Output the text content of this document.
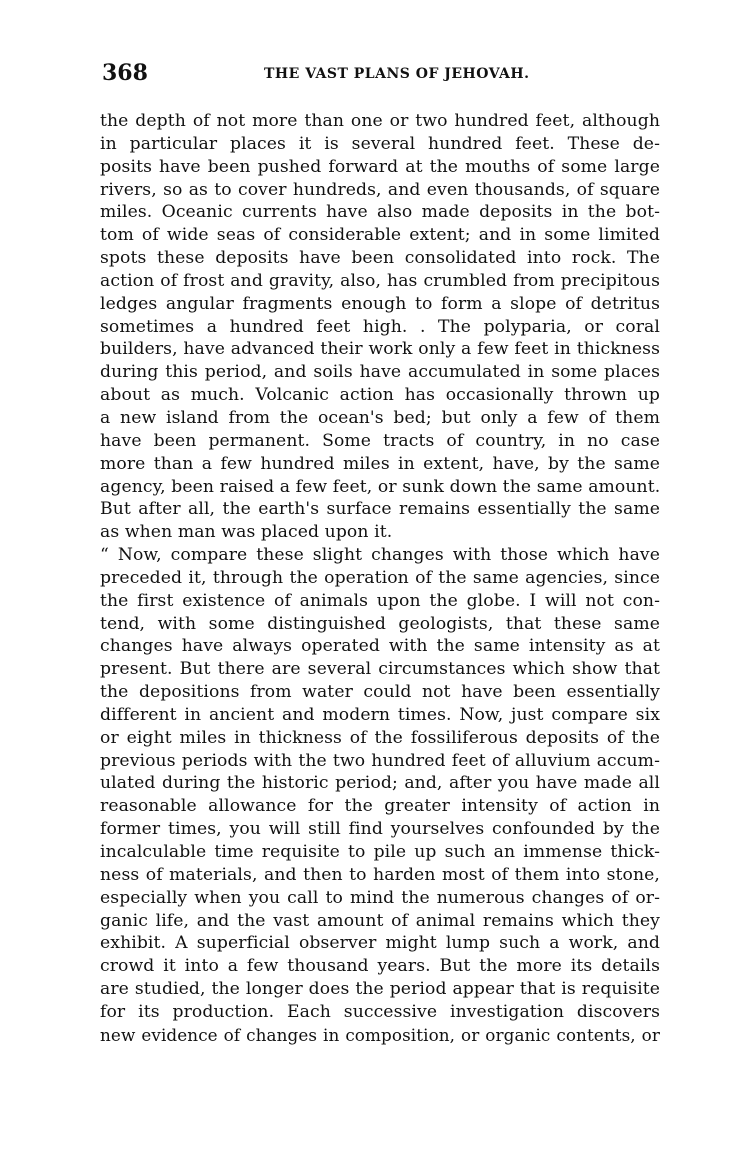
368	THE VAST PLANS OF JEHOVAH.
the depth of not more than one or two hundred feet, although
in particular places it is several hundred feet. These de-
posits have been pushed forward at the mouths of some large
rivers, so as to cover hundreds, and even thousands, of square
miles. Oceanic currents have also made deposits in the bot-
tom of wide seas of considerable extent; and in some limited
spots these deposits have been consolidated into rock. The
action of frost and gravity, also, has crumbled from precipitous
ledges angular fragments enough to form a slope of detritus
sometimes a hundred feet high. . The polyparia, or coral
builders, have advanced their work only a few feet in thickness
during this period, and soils have accumulated in some places
about as much. Volcanic action has occasionally thrown up
a new island from the ocean's bed; but only a few of them
have been permanent. Some tracts of country, in no case
more than a few hundred miles in extent, have, by the same
agency, been raised a few feet, or sunk down the same amount.
But after all, the earth's surface remains essentially the same
as when man was placed upon it.
“ Now, compare these slight changes with those which have
preceded it, through the operation of the same agencies, since
the first existence of animals upon the globe. I will not con-
tend, with some distinguished geologists, that these same
changes have always operated with the same intensity as at
present. But there are several circumstances which show that
the depositions from water could not have been essentially
different in ancient and modern times. Now, just compare six
or eight miles in thickness of the fossiliferous deposits of the
previous periods with the two hundred feet of alluvium accum-
ulated during the historic period; and, after you have made all
reasonable allowance for the greater intensity of action in
former times, you will still find yourselves confounded by the
incalculable time requisite to pile up such an immense thick-
ness of materials, and then to harden most of them into stone,
especially when you call to mind the numerous changes of or-
ganic life, and the vast amount of animal remains which they
exhibit. A superficial observer might lump such a work, and
crowd it into a few thousand years. But the more its details
are studied, the longer does the period appear that is requisite
for its production. Each successive investigation discovers
new evidence of changes in composition, or organic contents, or
